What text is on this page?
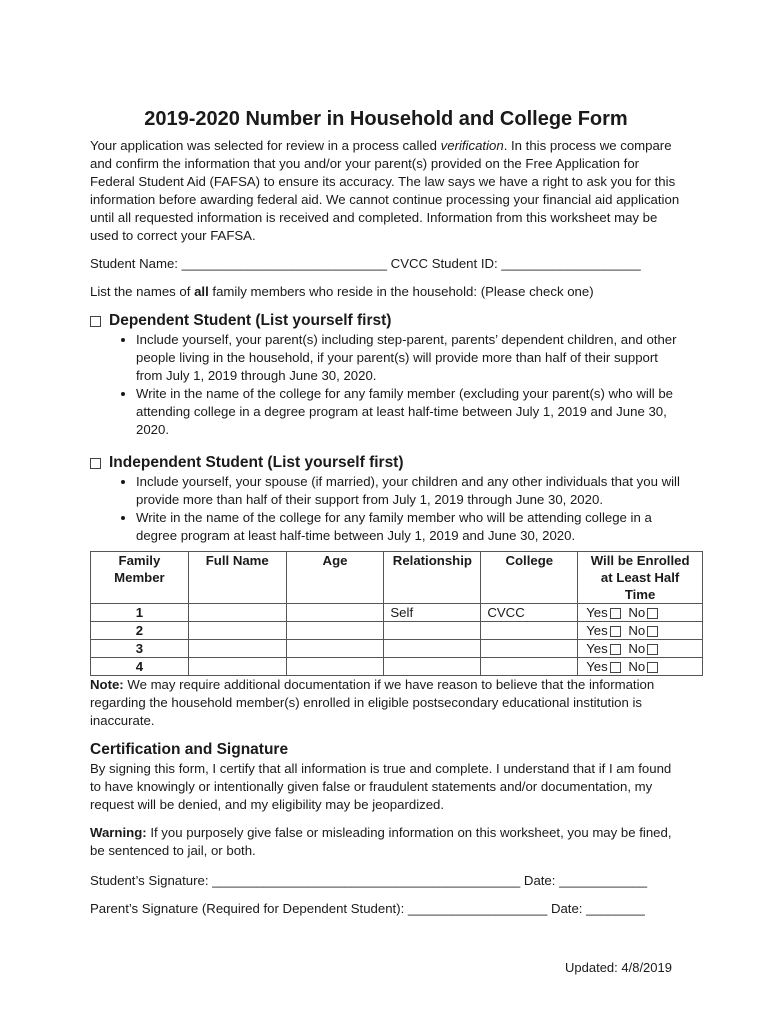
2019-2020 Number in Household and College Form

Your application was selected for review in a process called verification. In this process we compare and confirm the information that you and/or your parent(s) provided on the Free Application for Federal Student Aid (FAFSA) to ensure its accuracy. The law says we have a right to ask you for this information before awarding federal aid. We cannot continue processing your financial aid application until all requested information is received and completed. Information from this worksheet may be used to correct your FAFSA.

Student Name: ____________________________ CVCC Student ID: ___________________

List the names of all family members who reside in the household: (Please check one)

Dependent Student (List yourself first)
• Include yourself, your parent(s) including step-parent, parents’ dependent children, and other people living in the household, if your parent(s) will provide more than half of their support from July 1, 2019 through June 30, 2020.
• Write in the name of the college for any family member (excluding your parent(s) who will be attending college in a degree program at least half-time between July 1, 2019 and June 30, 2020.
Independent Student (List yourself first)
• Include yourself, your spouse (if married), your children and any other individuals that you will provide more than half of their support from July 1, 2019 through June 30, 2020.
• Write in the name of the college for any family member who will be attending college in a degree program at least half-time between July 1, 2019 and June 30, 2020.
Family Member	Full Name	Age	Relationship	College	Will be Enrolled at Least Half Time
1			Self	CVCC	Yes No
2					Yes No
3					Yes No
4					Yes No

Note: We may require additional documentation if we have reason to believe that the information regarding the household member(s) enrolled in eligible postsecondary educational institution is inaccurate.

Certification and Signature

By signing this form, I certify that all information is true and complete. I understand that if I am found to have knowingly or intentionally given false or fraudulent statements and/or documentation, my request will be denied, and my eligibility may be jeopardized.

Warning: If you purposely give false or misleading information on this worksheet, you may be fined, be sentenced to jail, or both.

Student’s Signature: __________________________________________ Date: ____________

Parent’s Signature (Required for Dependent Student): ___________________ Date: ________

Updated: 4/8/2019
